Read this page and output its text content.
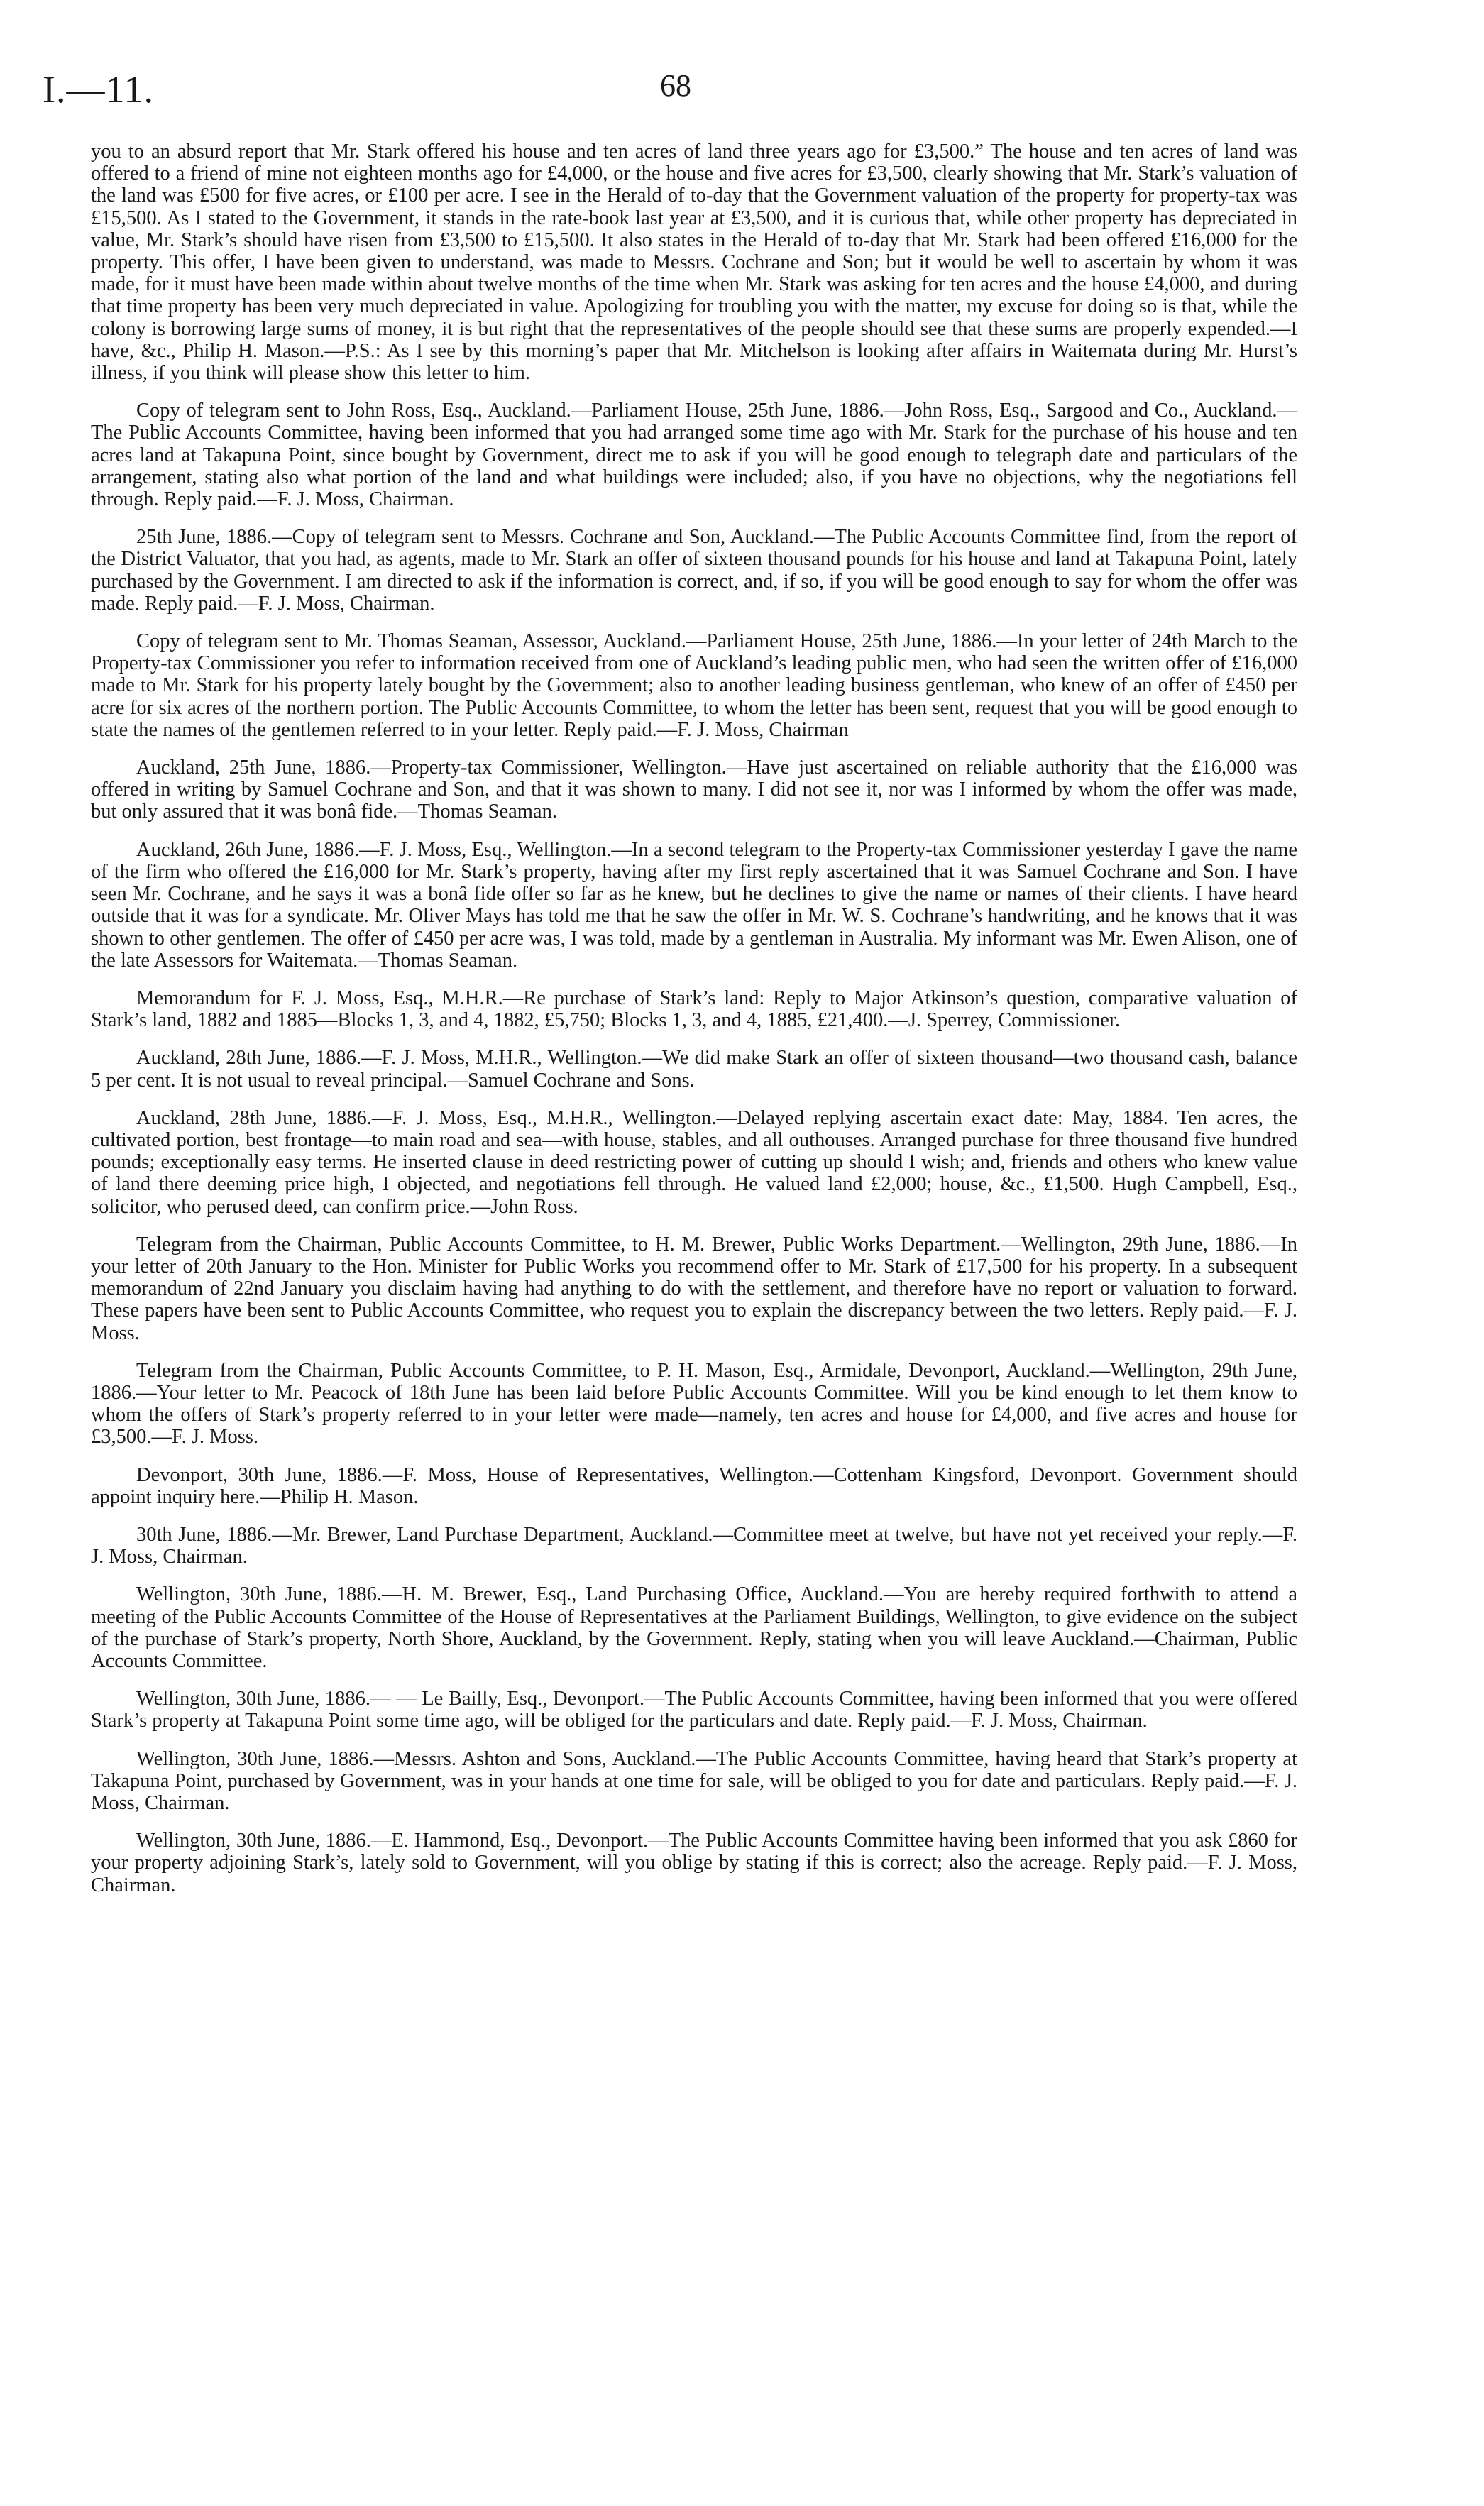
I.—11.	68

you to an absurd report that Mr. Stark offered his house and ten acres of land three years ago for £3,500.” The house and ten acres of land was offered to a friend of mine not eighteen months ago for £4,000, or the house and five acres for £3,500, clearly showing that Mr. Stark’s valuation of the land was £500 for five acres, or £100 per acre. I see in the Herald of to-day that the Government valuation of the property for property-tax was £15,500. As I stated to the Government, it stands in the rate-book last year at £3,500, and it is curious that, while other property has depreciated in value, Mr. Stark’s should have risen from £3,500 to £15,500. It also states in the Herald of to-day that Mr. Stark had been offered £16,000 for the property. This offer, I have been given to understand, was made to Messrs. Cochrane and Son; but it would be well to ascertain by whom it was made, for it must have been made within about twelve months of the time when Mr. Stark was asking for ten acres and the house £4,000, and during that time property has been very much depreciated in value. Apologizing for troubling you with the matter, my excuse for doing so is that, while the colony is borrowing large sums of money, it is but right that the representatives of the people should see that these sums are properly expended.—I have, &c., Philip H. Mason.—P.S.: As I see by this morning’s paper that Mr. Mitchelson is looking after affairs in Waitemata during Mr. Hurst’s illness, if you think will please show this letter to him.

Copy of telegram sent to John Ross, Esq., Auckland.—Parliament House, 25th June, 1886.—John Ross, Esq., Sargood and Co., Auckland.—The Public Accounts Committee, having been informed that you had arranged some time ago with Mr. Stark for the purchase of his house and ten acres land at Takapuna Point, since bought by Government, direct me to ask if you will be good enough to telegraph date and particulars of the arrangement, stating also what portion of the land and what buildings were included; also, if you have no objections, why the negotiations fell through. Reply paid.—F. J. Moss, Chairman.

25th June, 1886.—Copy of telegram sent to Messrs. Cochrane and Son, Auckland.—The Public Accounts Committee find, from the report of the District Valuator, that you had, as agents, made to Mr. Stark an offer of sixteen thousand pounds for his house and land at Takapuna Point, lately purchased by the Government. I am directed to ask if the information is correct, and, if so, if you will be good enough to say for whom the offer was made. Reply paid.—F. J. Moss, Chairman.

Copy of telegram sent to Mr. Thomas Seaman, Assessor, Auckland.—Parliament House, 25th June, 1886.—In your letter of 24th March to the Property-tax Commissioner you refer to information received from one of Auckland’s leading public men, who had seen the written offer of £16,000 made to Mr. Stark for his property lately bought by the Government; also to another leading business gentleman, who knew of an offer of £450 per acre for six acres of the northern portion. The Public Accounts Committee, to whom the letter has been sent, request that you will be good enough to state the names of the gentlemen referred to in your letter. Reply paid.—F. J. Moss, Chairman

Auckland, 25th June, 1886.—Property-tax Commissioner, Wellington.—Have just ascertained on reliable authority that the £16,000 was offered in writing by Samuel Cochrane and Son, and that it was shown to many. I did not see it, nor was I informed by whom the offer was made, but only assured that it was bonâ fide.—Thomas Seaman.

Auckland, 26th June, 1886.—F. J. Moss, Esq., Wellington.—In a second telegram to the Property-tax Commissioner yesterday I gave the name of the firm who offered the £16,000 for Mr. Stark’s property, having after my first reply ascertained that it was Samuel Cochrane and Son. I have seen Mr. Cochrane, and he says it was a bonâ fide offer so far as he knew, but he declines to give the name or names of their clients. I have heard outside that it was for a syndicate. Mr. Oliver Mays has told me that he saw the offer in Mr. W. S. Cochrane’s handwriting, and he knows that it was shown to other gentlemen. The offer of £450 per acre was, I was told, made by a gentleman in Australia. My informant was Mr. Ewen Alison, one of the late Assessors for Waitemata.—Thomas Seaman.

Memorandum for F. J. Moss, Esq., M.H.R.—Re purchase of Stark’s land: Reply to Major Atkinson’s question, comparative valuation of Stark’s land, 1882 and 1885—Blocks 1, 3, and 4, 1882, £5,750; Blocks 1, 3, and 4, 1885, £21,400.—J. Sperrey, Commissioner.

Auckland, 28th June, 1886.—F. J. Moss, M.H.R., Wellington.—We did make Stark an offer of sixteen thousand—two thousand cash, balance 5 per cent. It is not usual to reveal principal.—Samuel Cochrane and Sons.

Auckland, 28th June, 1886.—F. J. Moss, Esq., M.H.R., Wellington.—Delayed replying ascertain exact date: May, 1884. Ten acres, the cultivated portion, best frontage—to main road and sea—with house, stables, and all outhouses. Arranged purchase for three thousand five hundred pounds; exceptionally easy terms. He inserted clause in deed restricting power of cutting up should I wish; and, friends and others who knew value of land there deeming price high, I objected, and negotiations fell through. He valued land £2,000; house, &c., £1,500. Hugh Campbell, Esq., solicitor, who perused deed, can confirm price.—John Ross.

Telegram from the Chairman, Public Accounts Committee, to H. M. Brewer, Public Works Department.—Wellington, 29th June, 1886.—In your letter of 20th January to the Hon. Minister for Public Works you recommend offer to Mr. Stark of £17,500 for his property. In a subsequent memorandum of 22nd January you disclaim having had anything to do with the settlement, and therefore have no report or valuation to forward. These papers have been sent to Public Accounts Committee, who request you to explain the discrepancy between the two letters. Reply paid.—F. J. Moss.

Telegram from the Chairman, Public Accounts Committee, to P. H. Mason, Esq., Armidale, Devonport, Auckland.—Wellington, 29th June, 1886.—Your letter to Mr. Peacock of 18th June has been laid before Public Accounts Committee. Will you be kind enough to let them know to whom the offers of Stark’s property referred to in your letter were made—namely, ten acres and house for £4,000, and five acres and house for £3,500.—F. J. Moss.

Devonport, 30th June, 1886.—F. Moss, House of Representatives, Wellington.—Cottenham Kingsford, Devonport. Government should appoint inquiry here.—Philip H. Mason.

30th June, 1886.—Mr. Brewer, Land Purchase Department, Auckland.—Committee meet at twelve, but have not yet received your reply.—F. J. Moss, Chairman.

Wellington, 30th June, 1886.—H. M. Brewer, Esq., Land Purchasing Office, Auckland.—You are hereby required forthwith to attend a meeting of the Public Accounts Committee of the House of Representatives at the Parliament Buildings, Wellington, to give evidence on the subject of the purchase of Stark’s property, North Shore, Auckland, by the Government. Reply, stating when you will leave Auckland.—Chairman, Public Accounts Committee.

Wellington, 30th June, 1886.— — Le Bailly, Esq., Devonport.—The Public Accounts Committee, having been informed that you were offered Stark’s property at Takapuna Point some time ago, will be obliged for the particulars and date. Reply paid.—F. J. Moss, Chairman.

Wellington, 30th June, 1886.—Messrs. Ashton and Sons, Auckland.—The Public Accounts Committee, having heard that Stark’s property at Takapuna Point, purchased by Government, was in your hands at one time for sale, will be obliged to you for date and particulars. Reply paid.—F. J. Moss, Chairman.

Wellington, 30th June, 1886.—E. Hammond, Esq., Devonport.—The Public Accounts Committee having been informed that you ask £860 for your property adjoining Stark’s, lately sold to Government, will you oblige by stating if this is correct; also the acreage. Reply paid.—F. J. Moss, Chairman.
